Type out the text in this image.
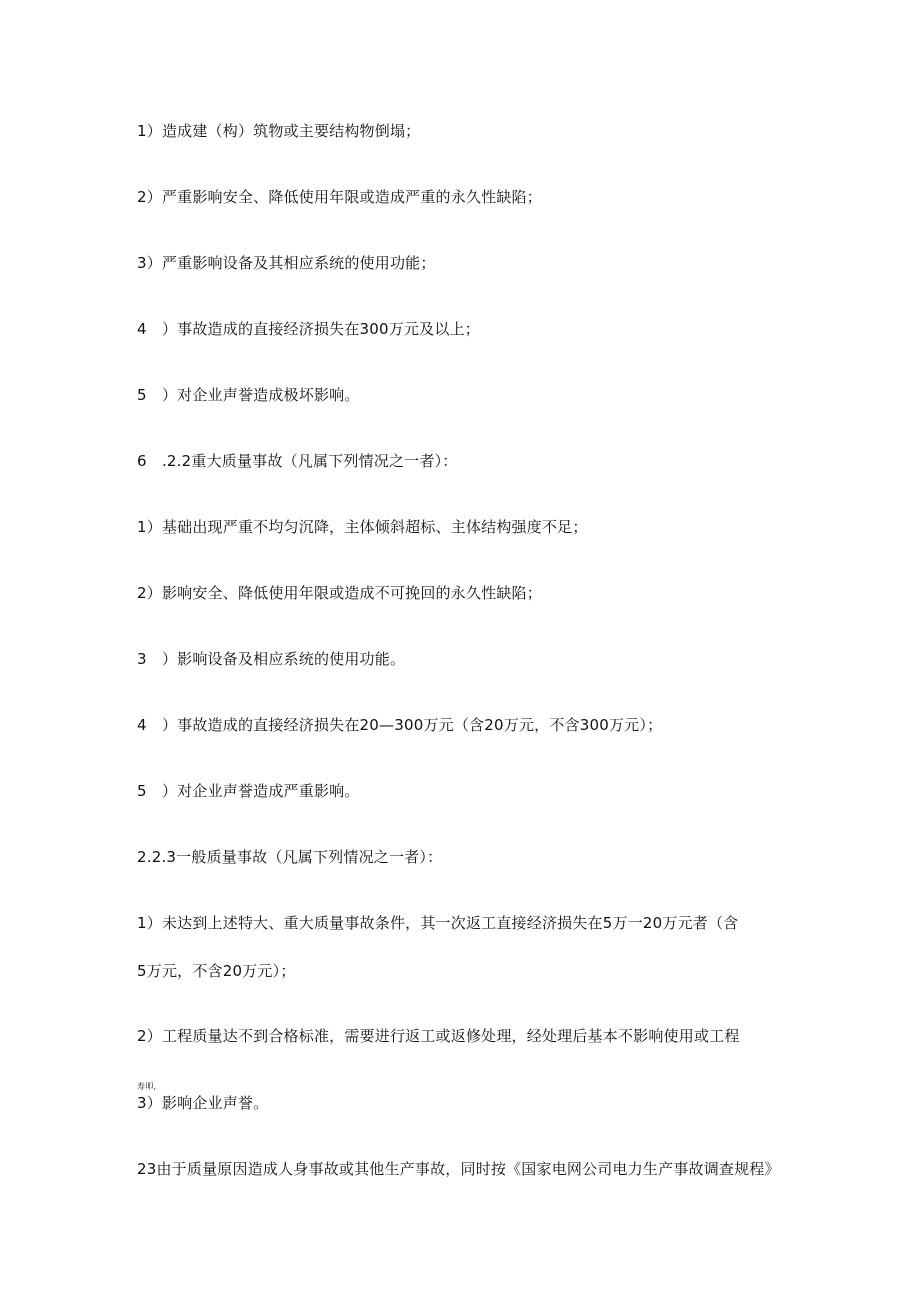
1）造成建（构）筑物或主要结构物倒塌；
2）严重影响安全、降低使用年限或造成严重的永久性缺陷；
3）严重影响设备及其相应系统的使用功能；
4　）事故造成的直接经济损失在300万元及以上；
5　）对企业声誉造成极坏影响。
6　.2.2重大质量事故（凡属下列情况之一者）：
1）基础出现严重不均匀沉降，主体倾斜超标、主体结构强度不足；
2）影响安全、降低使用年限或造成不可挽回的永久性缺陷；
3　）影响设备及相应系统的使用功能。
4　）事故造成的直接经济损失在20—300万元（含20万元，不含300万元）；
5　）对企业声誉造成严重影响。
2.2.3一般质量事故（凡属下列情况之一者）：
1）未达到上述特大、重大质量事故条件，其一次返工直接经济损失在5万一20万元者（含
5万元，不含20万元）；
2）工程质量达不到合格标准，需要进行返工或返修处理，经处理后基本不影响使用或工程
寿叩,
3）影响企业声誉。
23由于质量原因造成人身事故或其他生产事故，同时按《国家电网公司电力生产事故调查规程》
